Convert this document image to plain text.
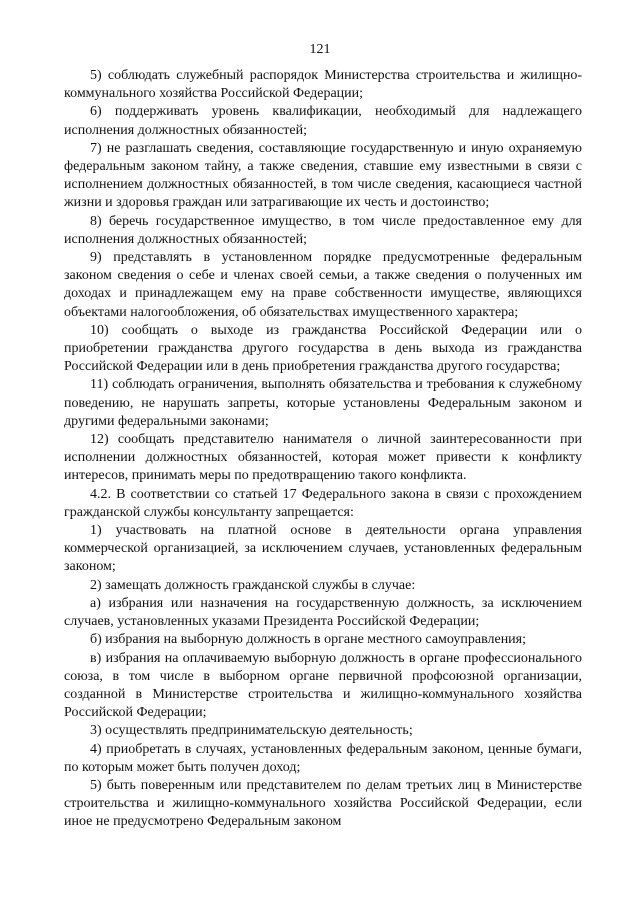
121

5) соблюдать служебный распорядок Министерства строительства и жилищно-коммунального хозяйства Российской Федерации;

6) поддерживать уровень квалификации, необходимый для надлежащего исполнения должностных обязанностей;

7) не разглашать сведения, составляющие государственную и иную охраняемую федеральным законом тайну, а также сведения, ставшие ему известными в связи с исполнением должностных обязанностей, в том числе сведения, касающиеся частной жизни и здоровья граждан или затрагивающие их честь и достоинство;

8) беречь государственное имущество, в том числе предоставленное ему для исполнения должностных обязанностей;

9) представлять в установленном порядке предусмотренные федеральным законом сведения о себе и членах своей семьи, а также сведения о полученных им доходах и принадлежащем ему на праве собственности имуществе, являющихся объектами налогообложения, об обязательствах имущественного характера;

10) сообщать о выходе из гражданства Российской Федерации или о приобретении гражданства другого государства в день выхода из гражданства Российской Федерации или в день приобретения гражданства другого государства;

11) соблюдать ограничения, выполнять обязательства и требования к служебному поведению, не нарушать запреты, которые установлены Федеральным законом и другими федеральными законами;

12) сообщать представителю нанимателя о личной заинтересованности при исполнении должностных обязанностей, которая может привести к конфликту интересов, принимать меры по предотвращению такого конфликта.

4.2. В соответствии со статьей 17 Федерального закона в связи с прохождением гражданской службы консультанту запрещается:

1) участвовать на платной основе в деятельности органа управления коммерческой организацией, за исключением случаев, установленных федеральным законом;

2) замещать должность гражданской службы в случае:

а) избрания или назначения на государственную должность, за исключением случаев, установленных указами Президента Российской Федерации;

б) избрания на выборную должность в органе местного самоуправления;

в) избрания на оплачиваемую выборную должность в органе профессионального союза, в том числе в выборном органе первичной профсоюзной организации, созданной в Министерстве строительства и жилищно-коммунального хозяйства Российской Федерации;

3) осуществлять предпринимательскую деятельность;

4) приобретать в случаях, установленных федеральным законом, ценные бумаги, по которым может быть получен доход;

5) быть поверенным или представителем по делам третьих лиц в Министерстве строительства и жилищно-коммунального хозяйства Российской Федерации, если иное не предусмотрено Федеральным законом
